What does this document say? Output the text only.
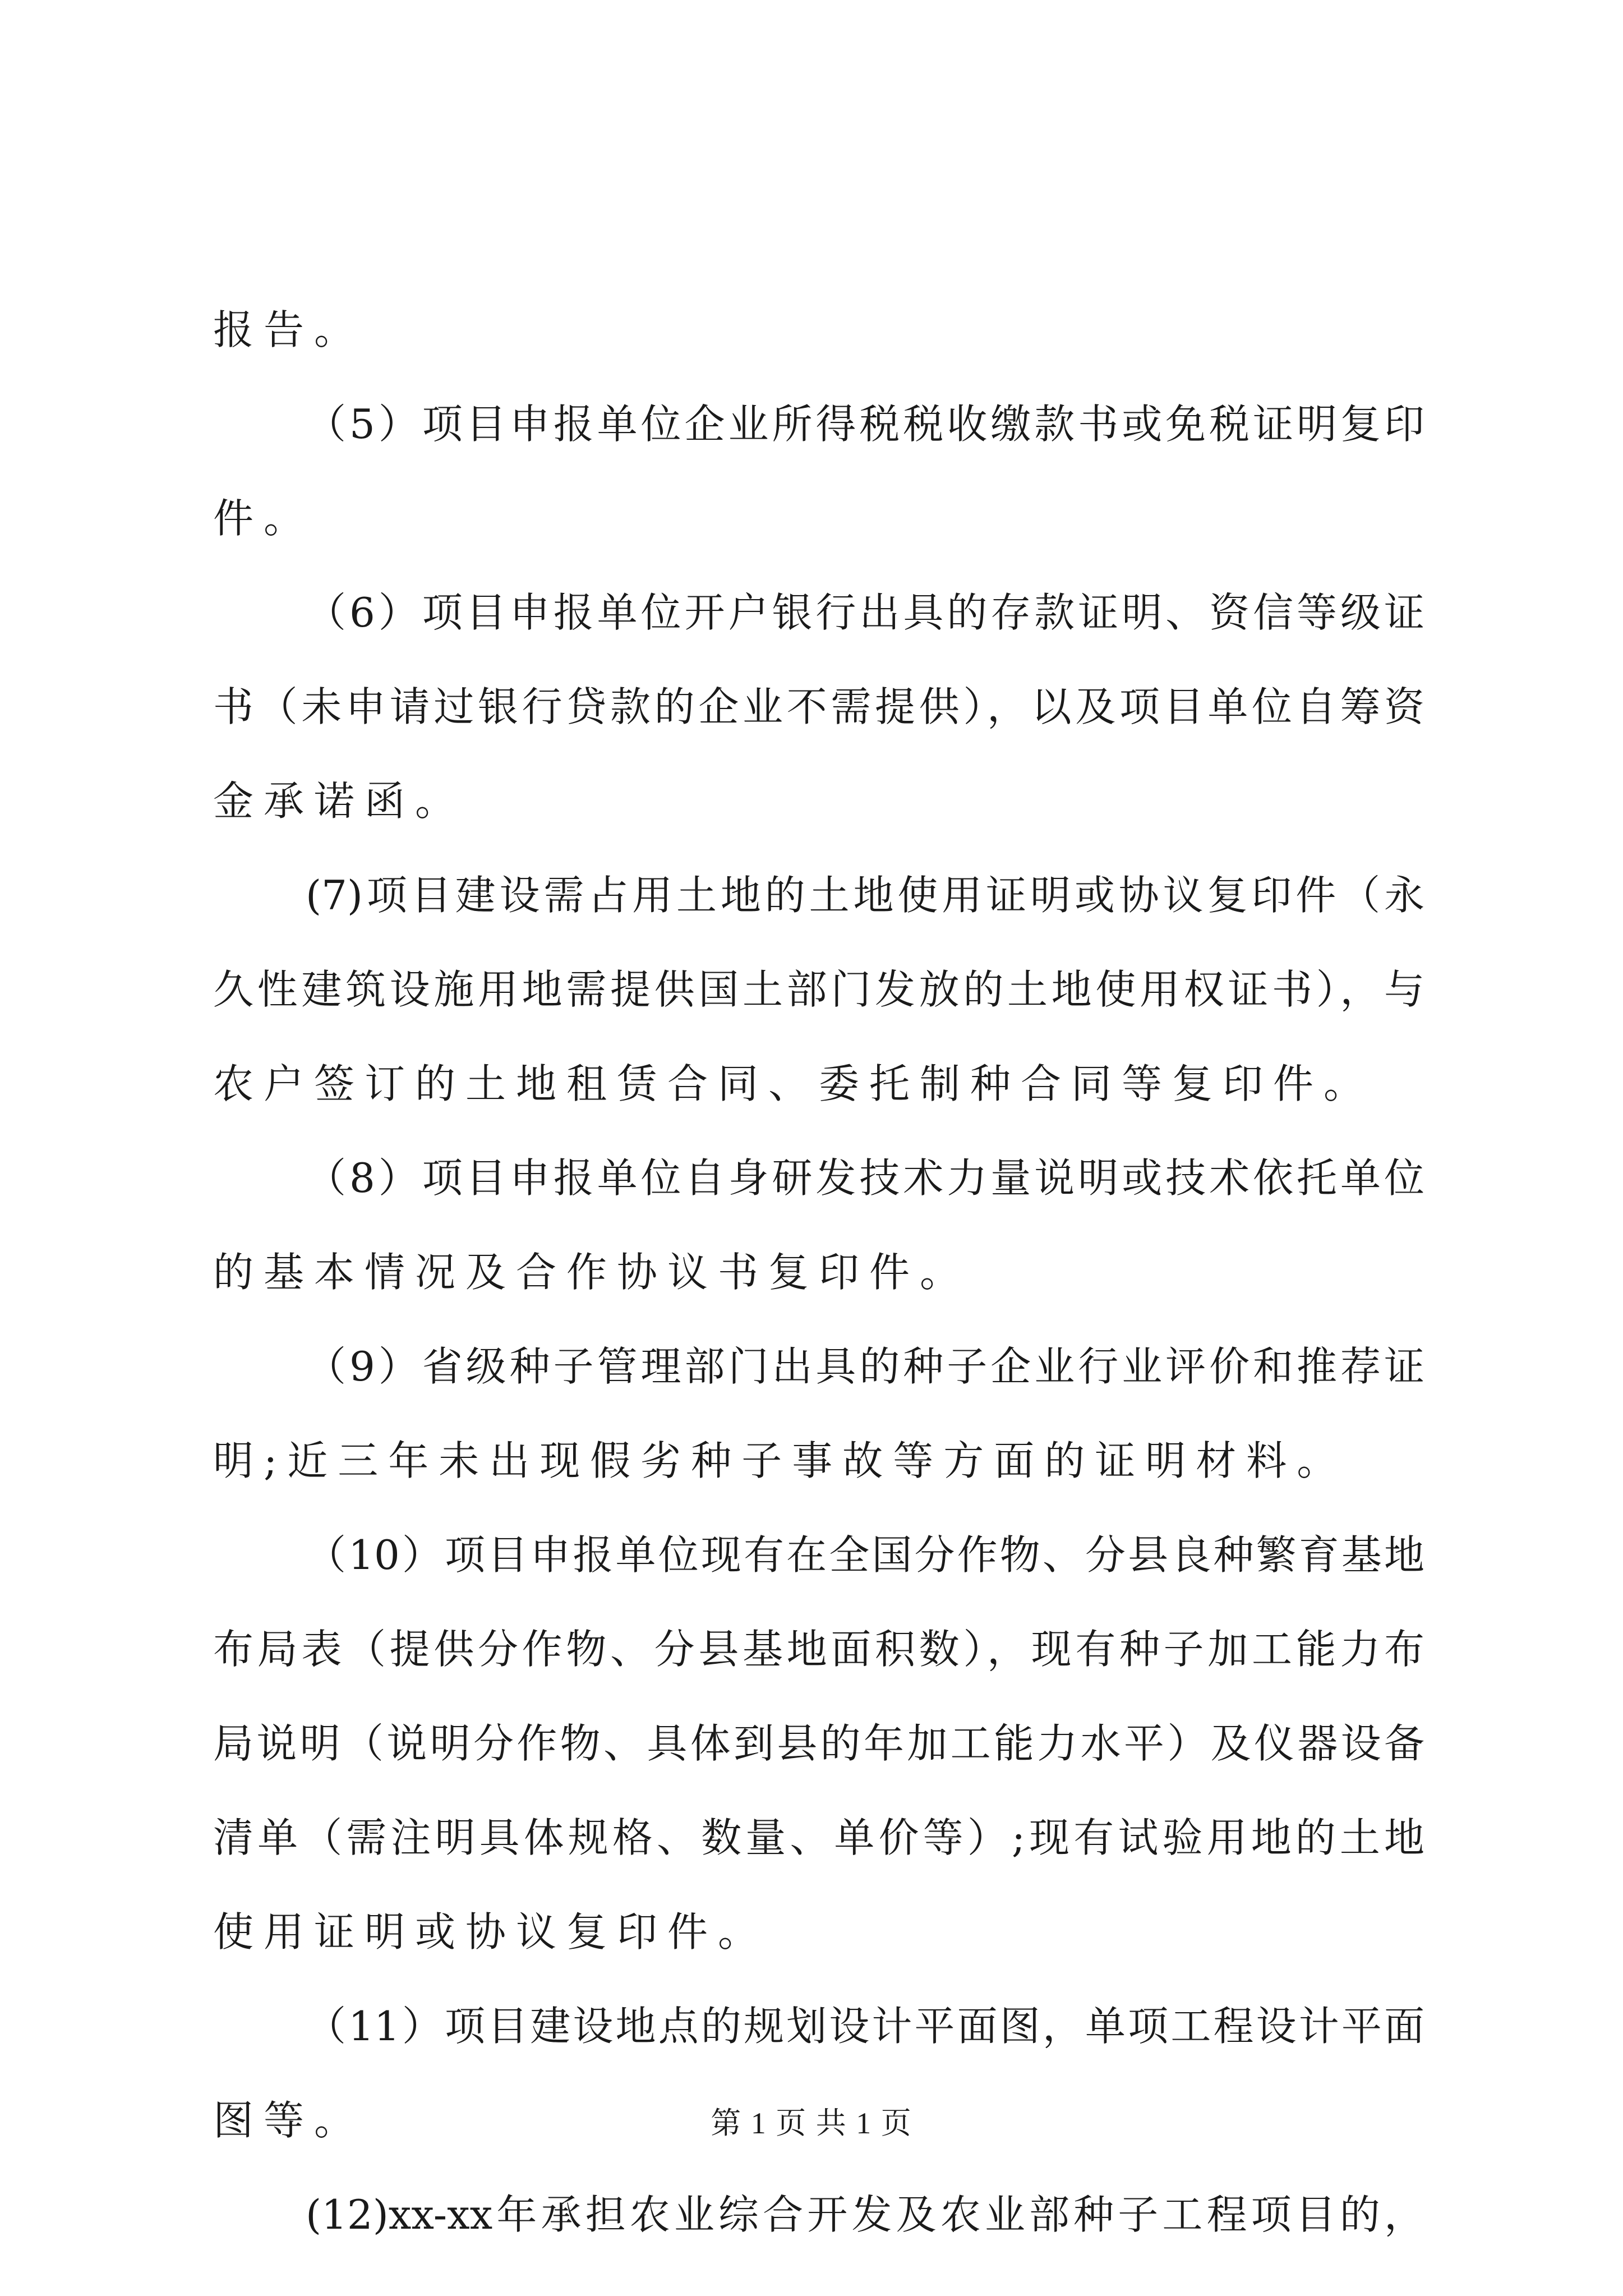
报告。
（5）项目申报单位企业所得税税收缴款书或免税证明复印
件。
（6）项目申报单位开户银行出具的存款证明、资信等级证
书（未申请过银行贷款的企业不需提供），以及项目单位自筹资
金承诺函。
(7)项目建设需占用土地的土地使用证明或协议复印件（永
久性建筑设施用地需提供国土部门发放的土地使用权证书），与
农户签订的土地租赁合同、委托制种合同等复印件。
（8）项目申报单位自身研发技术力量说明或技术依托单位
的基本情况及合作协议书复印件。
（9）省级种子管理部门出具的种子企业行业评价和推荐证
明;近三年未出现假劣种子事故等方面的证明材料。
（10）项目申报单位现有在全国分作物、分县良种繁育基地
布局表（提供分作物、分县基地面积数），现有种子加工能力布
局说明（说明分作物、具体到县的年加工能力水平）及仪器设备
清单（需注明具体规格、数量、单价等）;现有试验用地的土地
使用证明或协议复印件。
（11）项目建设地点的规划设计平面图，单项工程设计平面
图等。
(12)xx-xx年承担农业综合开发及农业部种子工程项目的，
第 1 页 共 1 页
